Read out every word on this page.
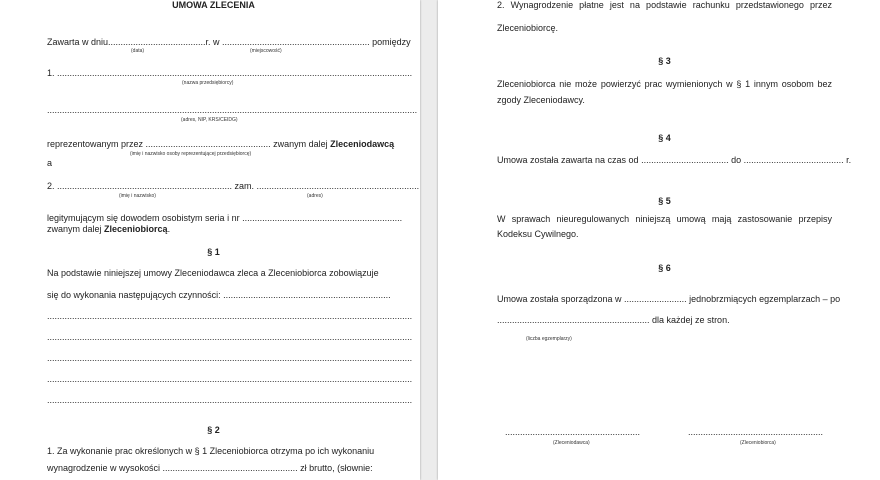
UMOWA ZLECENIA
Zawarta w dniu.......................................r. w ........................................................... pomiędzy
(data)	(miejscowość)
1. ..............................................................................................................................................
(nazwa przedsiębiorcy)
....................................................................................................................................................
(adres, NIP, KRS/CEIDG)
reprezentowanym przez .................................................. zwanym dalej Zleceniodawcą
(imię i nazwisko osoby reprezentującej przedsiębiorcę)
a
2. ...................................................................... zam. .................................................................
(imię i nazwisko)	(adres)
legitymującym się dowodem osobistym seria i nr ................................................................
zwanym dalej Zleceniobiorcą.
§ 1
Na podstawie niniejszej umowy Zleceniodawca zleca a Zleceniobiorca zobowiązuje
się do wykonania następujących czynności: ...................................................................
..................................................................................................................................................
..................................................................................................................................................
..................................................................................................................................................
..................................................................................................................................................
..................................................................................................................................................
§ 2
1. Za wykonanie prac określonych w § 1 Zleceniobiorca otrzyma po ich wykonaniu
wynagrodzenie w wysokości ...................................................... zł brutto, (słownie:
2. Wynagrodzenie płatne jest na podstawie rachunku przedstawionego przez
Zleceniobiorcę.
§ 3
Zleceniobiorca nie może powierzyć prac wymienionych w § 1 innym osobom bez
zgody Zleceniodawcy.
§ 4
Umowa została zawarta na czas od ................................... do ........................................ r.
§ 5
W sprawach nieuregulowanych niniejszą umową mają zastosowanie przepisy
Kodeksu Cywilnego.
§ 6
Umowa została sporządzona w ......................... jednobrzmiących egzemplarzach – po
............................................................. dla każdej ze stron.
(liczba egzemplarzy)
......................................................
(Zleceniodawca)
......................................................
(Zleceniobiorca)
